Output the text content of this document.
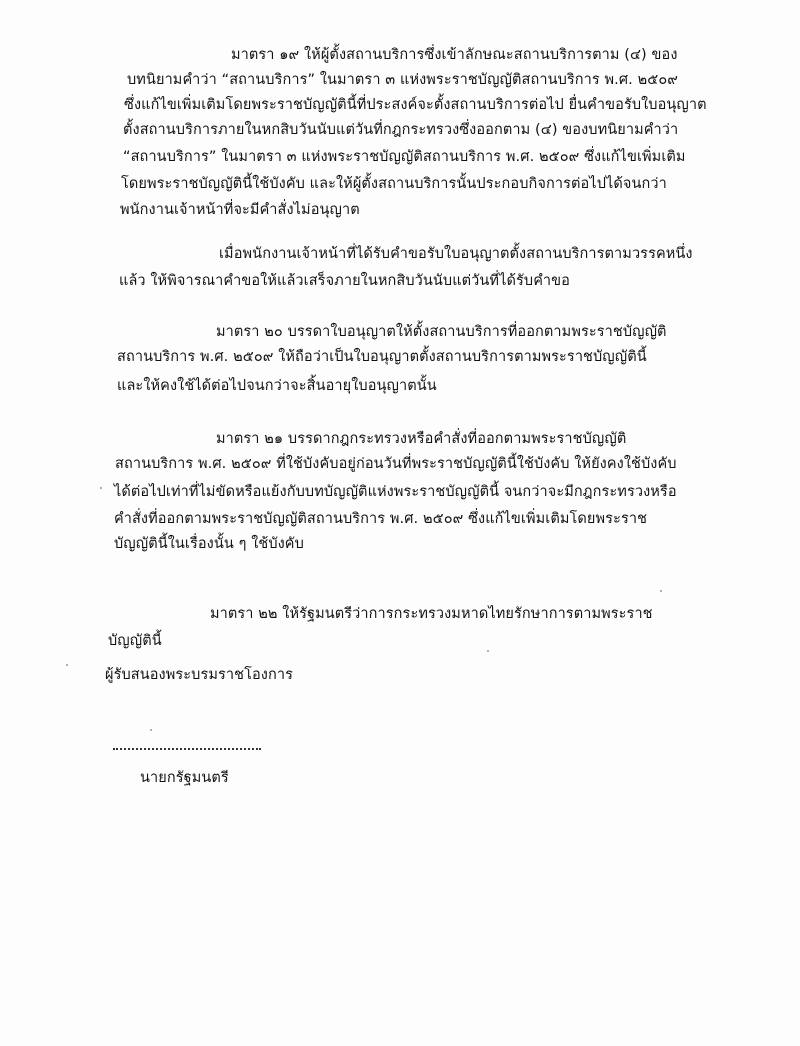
มาตรา ๑๙ ให้ผู้ตั้งสถานบริการซึ่งเข้าลักษณะสถานบริการตาม (๔) ของ
บทนิยามคำว่า “สถานบริการ” ในมาตรา ๓ แห่งพระราชบัญญัติสถานบริการ พ.ศ. ๒๕๐๙
ซึ่งแก้ไขเพิ่มเติมโดยพระราชบัญญัตินี้ที่ประสงค์จะตั้งสถานบริการต่อไป ยื่นคำขอรับใบอนุญาต
ตั้งสถานบริการภายในหกสิบวันนับแต่วันที่กฎกระทรวงซึ่งออกตาม (๔) ของบทนิยามคำว่า
“สถานบริการ” ในมาตรา ๓ แห่งพระราชบัญญัติสถานบริการ พ.ศ. ๒๕๐๙ ซึ่งแก้ไขเพิ่มเติม
โดยพระราชบัญญัตินี้ใช้บังคับ และให้ผู้ตั้งสถานบริการนั้นประกอบกิจการต่อไปได้จนกว่า
พนักงานเจ้าหน้าที่จะมีคำสั่งไม่อนุญาต
เมื่อพนักงานเจ้าหน้าที่ได้รับคำขอรับใบอนุญาตตั้งสถานบริการตามวรรคหนึ่ง
แล้ว ให้พิจารณาคำขอให้แล้วเสร็จภายในหกสิบวันนับแต่วันที่ได้รับคำขอ
มาตรา ๒๐ บรรดาใบอนุญาตให้ตั้งสถานบริการที่ออกตามพระราชบัญญัติ
สถานบริการ พ.ศ. ๒๕๐๙ ให้ถือว่าเป็นใบอนุญาตตั้งสถานบริการตามพระราชบัญญัตินี้
และให้คงใช้ได้ต่อไปจนกว่าจะสิ้นอายุใบอนุญาตนั้น
มาตรา ๒๑ บรรดากฎกระทรวงหรือคำสั่งที่ออกตามพระราชบัญญัติ
สถานบริการ พ.ศ. ๒๕๐๙ ที่ใช้บังคับอยู่ก่อนวันที่พระราชบัญญัตินี้ใช้บังคับ ให้ยังคงใช้บังคับ
ได้ต่อไปเท่าที่ไม่ขัดหรือแย้งกับบทบัญญัติแห่งพระราชบัญญัตินี้ จนกว่าจะมีกฎกระทรวงหรือ
คำสั่งที่ออกตามพระราชบัญญัติสถานบริการ พ.ศ. ๒๕๐๙ ซึ่งแก้ไขเพิ่มเติมโดยพระราช
บัญญัตินี้ในเรื่องนั้น ๆ ใช้บังคับ
มาตรา ๒๒ ให้รัฐมนตรีว่าการกระทรวงมหาดไทยรักษาการตามพระราช
บัญญัตินี้
ผู้รับสนองพระบรมราชโองการ
นายกรัฐมนตรี
